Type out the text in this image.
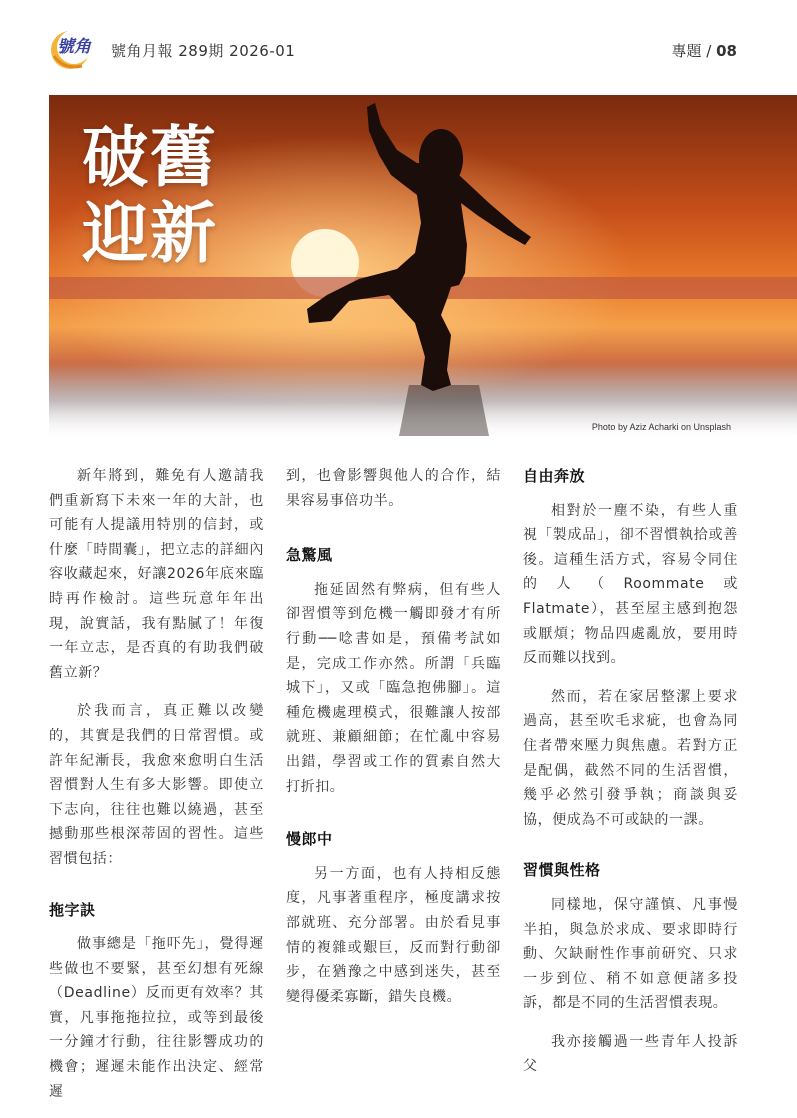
號角 號角月報 289期 2026-01	專題 / 08
破舊
迎新
Photo by Aziz Acharki on Unsplash

新年將到，難免有人邀請我們重新寫下未來一年的大計，也可能有人提議用特別的信封，或什麼「時間囊」，把立志的詳細內容收藏起來，好讓2026年底來臨時再作檢討。這些玩意年年出現，說實話，我有點膩了！年復一年立志，是否真的有助我們破舊立新？

於我而言，真正難以改變的，其實是我們的日常習慣。或許年紀漸長，我愈來愈明白生活習慣對人生有多大影響。即使立下志向，往往也難以繞過，甚至撼動那些根深蒂固的習性。這些習慣包括：

拖字訣

做事總是「拖吓先」，覺得遲些做也不要緊，甚至幻想有死線（Deadline）反而更有效率？其實，凡事拖拖拉拉，或等到最後一分鐘才行動，往往影響成功的機會；遲遲未能作出決定、經常遲

到，也會影響與他人的合作，結果容易事倍功半。

急驚風

拖延固然有弊病，但有些人卻習慣等到危機一觸即發才有所行動──唸書如是，預備考試如是，完成工作亦然。所謂「兵臨城下」，又或「臨急抱佛腳」。這種危機處理模式，很難讓人按部就班、兼顧細節；在忙亂中容易出錯，學習或工作的質素自然大打折扣。

慢郎中

另一方面，也有人持相反態度，凡事著重程序，極度講求按部就班、充分部署。由於看見事情的複雜或艱巨，反而對行動卻步，在猶豫之中感到迷失，甚至變得優柔寡斷，錯失良機。

自由奔放

相對於一塵不染，有些人重視「製成品」，卻不習慣執拾或善後。這種生活方式，容易令同住的人（Roommate或Flatmate），甚至屋主感到抱怨或厭煩；物品四處亂放，要用時反而難以找到。

然而，若在家居整潔上要求過高，甚至吹毛求疵，也會為同住者帶來壓力與焦慮。若對方正是配偶，截然不同的生活習慣，幾乎必然引發爭執；商談與妥協，便成為不可或缺的一課。

習慣與性格

同樣地，保守謹慎、凡事慢半拍，與急於求成、要求即時行動、欠缺耐性作事前研究、只求一步到位、稍不如意便諸多投訴，都是不同的生活習慣表現。

我亦接觸過一些青年人投訴父
